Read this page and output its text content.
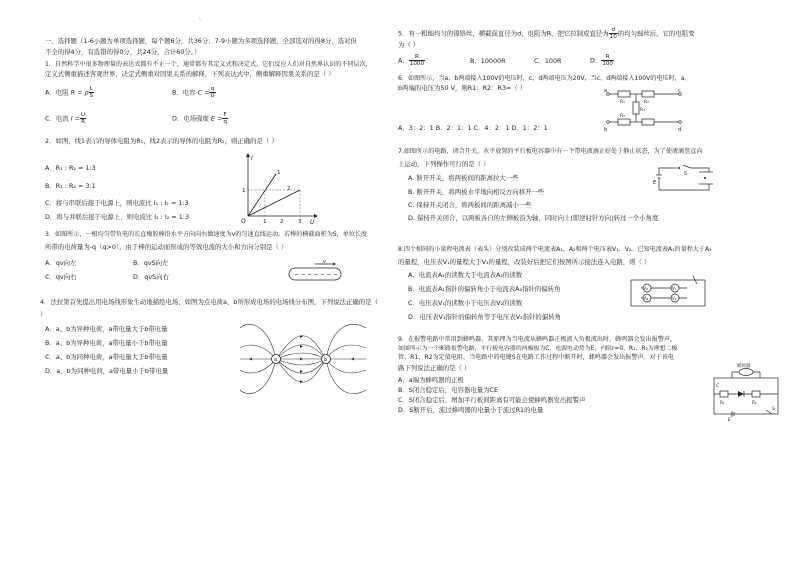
ㄣ
一、选择题（1-6小题为单项选择题，每个题6分，共36分；7-9小题为多项选择题，全部选对的得8分，选对但
不全的得4分，有选错的得0分，共24分，合计60分。）
1．自然科学中很多物理量的表达式都有不止一个，通常都有其定义式和决定式，它们反应人们对自然界认识的不同层次，
定义式侧重描述客观世界，决定式侧重对因果关系的解释，下列表达式中，侧重解释因果关系的是（ ）
A．电阻 R = ρ $\frac{L}{S}$	B．电容 $C = \frac{q}{U}$
C．电流 $I = \frac{U}{R}$	D．电场强度 $E = \frac{F}{q}$
2．如图，线1表示的导体电阻为R₁，线2表示的导体的电阻为R₂，则正确的是（ ）
A．R₁ : R₂ = 1:3
B．R₁ : R₂ = 3:1
C．将与串联后接于电源上，则电流比 I₁ : I₂ = 1:3
D．将与并联后接于电源上，则电流比 I₁ : I₂ = 1:3
I
U
O	1 2	3
1
1
2
3．如图所示，一根均匀带负电的长直橡胶棒沿水平方向向右做速度为v的匀速直线运动。若棒的横截面积为S，单位长度
所带的电荷量为-q（q>0），由于棒的运动而形成的等效电流的大小和方向分别是（ ）
A．qv向左	B．qvS向左
C．qv向右	D．qvS向右
v
− − − − − − −
4．法拉第首先提出用电场线形象生动地描绘电场，如图为点电荷a、b所形成电场的电场线分布图，下列说法正确的是（
）
A．a、b为异种电荷，a带电量大于b带电量
B．a、b为异种电荷，a带电量小于b带电量
C．a、b为同种电荷，a带电量大于b带电量
D．a、b为同种电荷，a带电量小于b带电量
a	b
5．有一粗细均匀的镍铬丝，横截面直径为d，电阻为R，把它拉制成直径为 $\frac{d}{10}$ 的均匀细丝后，它的电阻变
为（ ）
A． $\frac{R}{1000}$	B．10000R	C．100R	D． $\frac{R}{100}$
6．如图所示，当a、b两端接入100V的电压时，c、d两端电压为20V，当c、d两端接入100V的电压时，a、
b两端的电压为50 V，则R1：R2：R3=（ ）
A．3：2：1 B．2：1：1 C．4：2：1 D．1：2：1
a
b
c
d
R₁	R₂
R₃
R₁
7.如图所示的电路，闭合开关，水平放置的平行板电容器中有一个带电液滴正好处于静止状态，为了使液滴竖直向
上运动，下列操作可行的是（ ）
A. 断开开关，将两板间的距离拉大一些
B. 断开开关，将两板水平地向相反方向移开一些
C. 保持开关闭合，将两板间的距离减小一些
D. 保持开关闭合，以两板各自的左侧板沿为轴，同时向上(即逆时针方向)转过一个小角度
E
S
8.四个相同的小量程电流表（表头）分别改装成两个电流表A₁、A₂和两个电压表V₁、V₂。已知电流表A₁的量程大于A₂
的量程，电压表V₁的量程大于V₂的量程，改装好后把它们按图所示接法连入电路，则（ ）
A．电流表A₁的读数大于电流表A₂的读数
B．电流表A₁指针的偏转角小于电流表A₂指针的偏转角
C．电压表V₁的读数小于电压表V₂的读数
D．电压表V₁指针的偏转角等于电压表V₂指针的偏转角
A₁
A₂
V₁
V₂
9．在报警电路中常用到蜂鸣器，其原理为当电流从蜂鸣器正极流入负极流出时，蜂鸣器会发出报警声，
如图所示为一个断路报警电路，平行板电容器的两极板为C，电源电动势为E，内阻r=0，R₁、R₂为理想二极
管，R1、R2为定值电阻，当电路中的电键S在电路工作过程中断开时，蜂鸣器会发出报警声。对于该电
路下列说法正确的是（ ）
A．a端为蜂鸣器的正极
B．S闭合稳定后，电容器电量为CE
C．S闭合稳定后，增加平行板间距离有可能会使蜂鸣器发出报警声
D．S断开后，流过蜂鸣器的电量小于流过R1的电量
蜂鸣器
C
R₁	R₂
E
S
